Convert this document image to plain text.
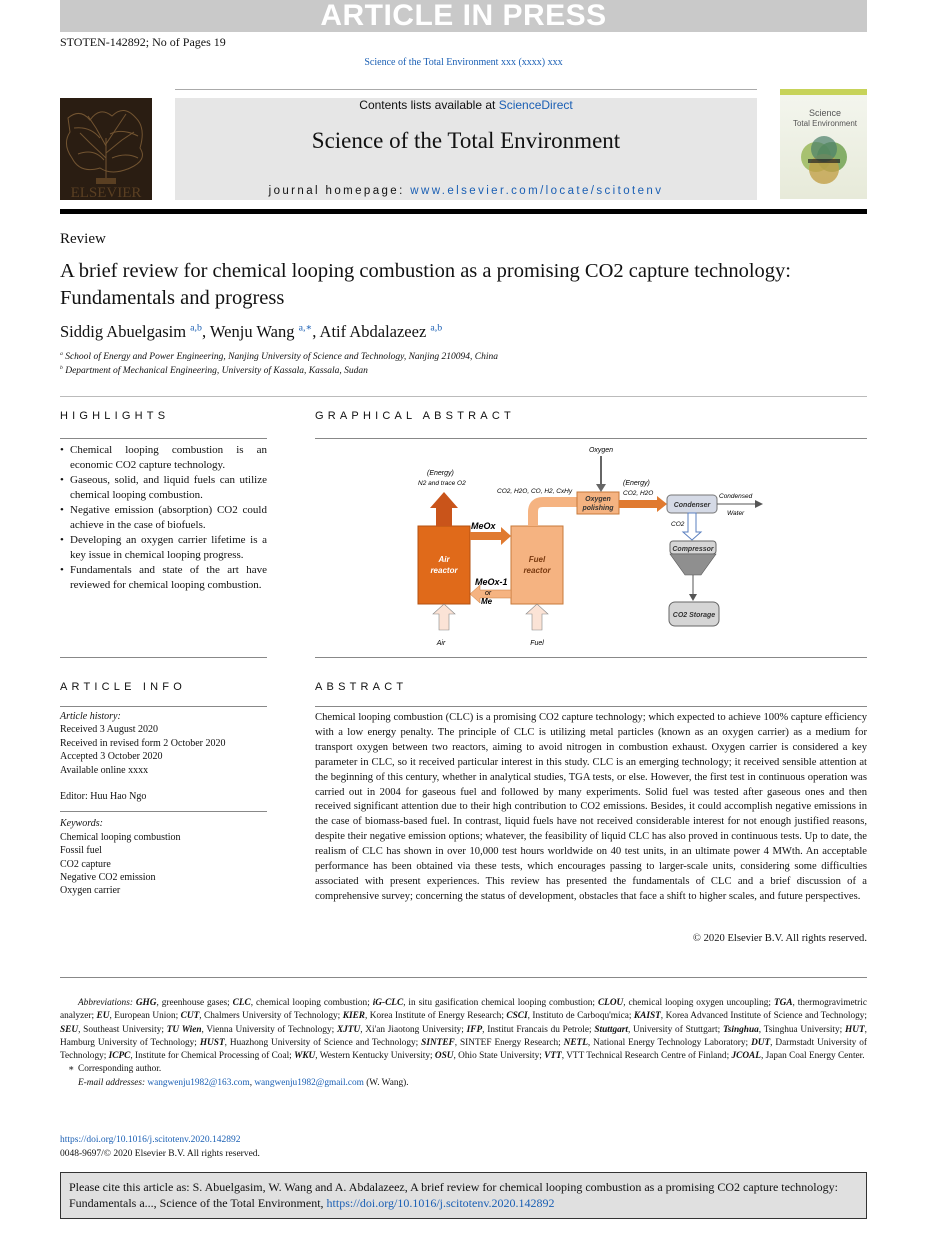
ARTICLE IN PRESS
STOTEN-142892; No of Pages 19
Science of the Total Environment xxx (xxxx) xxx
Contents lists available at ScienceDirect
Science of the Total Environment
journal homepage: www.elsevier.com/locate/scitotenv
ELSEVIER
Science
Total Environment
Review
A brief review for chemical looping combustion as a promising CO2 capture technology: Fundamentals and progress
Siddig Abuelgasim $^{a,b}$, Wenju Wang $^{a,∗}$, Atif Abdalazeez $^{a,b}$
$^a$ School of Energy and Power Engineering, Nanjing University of Science and Technology, Nanjing 210094, China
$^b$ Department of Mechanical Engineering, University of Kassala, Kassala, Sudan
HIGHLIGHTS
• Chemical looping combustion is an economic CO2 capture technology.
• Gaseous, solid, and liquid fuels can utilize chemical looping combustion.
• Negative emission (absorption) CO2 could achieve in the case of biofuels.
• Developing an oxygen carrier lifetime is a key issue in chemical looping progress.
• Fundamentals and state of the art have reviewed for chemical looping combustion.
GRAPHICAL ABSTRACT
Air
reactor
Fuel
reactor
(Energy)
N2 and trace O2
MeOx
MeOx-1
or
Me
Air	Fuel
CO2, H2O, CO, H2, CxHy
Oxygen
polishing
Oxygen
(Energy)
CO2, H2O
Condenser
Condensed
Water
CO2
Compressor
CO2 Storage
ARTICLE INFO
Article history:
Received 3 August 2020
Received in revised form 2 October 2020
Accepted 3 October 2020
Available online xxxx
Editor: Huu Hao Ngo
Keywords:
Chemical looping combustion
Fossil fuel
CO2 capture
Negative CO2 emission
Oxygen carrier
ABSTRACT
Chemical looping combustion (CLC) is a promising CO2 capture technology; which expected to achieve 100% capture efficiency with a low energy penalty. The principle of CLC is utilizing metal particles (known as an oxygen carrier) as a medium for transport oxygen between two reactors, aiming to avoid nitrogen in combustion exhaust. Oxygen carrier is considered a key parameter in CLC, so it received particular interest in this study. CLC is an emerging technology; it received sensible attention at the beginning of this century, whether in analytical studies, TGA tests, or else. However, the first test in continuous operation was carried out in 2004 for gaseous fuel and followed by many experiments. Solid fuel was tested after gaseous ones and then received significant attention due to their high contribution to CO2 emissions. Besides, it could accomplish negative emissions in the case of biomass-based fuel. In contrast, liquid fuels have not received considerable interest for not enough justified reasons, despite their negative emission options; whatever, the feasibility of liquid CLC has also proved in continuous tests. Up to date, the realism of CLC has shown in over 10,000 test hours worldwide on 40 test units, in an ultimate power 4 MWth. An acceptable performance has been obtained via these tests, which encourages passing to larger-scale units, considering some difficulties associated with present experiences. This review has presented the fundamentals of CLC and a brief discussion of a comprehensive survey; concerning the status of development, obstacles that face a shift to higher scales, and future perspectives.
© 2020 Elsevier B.V. All rights reserved.
Abbreviations: GHG, greenhouse gases; CLC, chemical looping combustion; iG-CLC, in situ gasification chemical looping combustion; CLOU, chemical looping oxygen uncoupling; TGA, thermogravimetric analyzer; EU, European Union; CUT, Chalmers University of Technology; KIER, Korea Institute of Energy Research; CSCI, Instituto de Carboqu'mica; KAIST, Korea Advanced Institute of Science and Technology; SEU, Southeast University; TU Wien, Vienna University of Technology; XJTU, Xi'an Jiaotong University; IFP, Institut Francais du Petrole; Stuttgart, University of Stuttgart; Tsinghua, Tsinghua University; HUT, Hamburg University of Technology; HUST, Huazhong University of Science and Technology; SINTEF, SINTEF Energy Research; NETL, National Energy Technology Laboratory; DUT, Darmstadt University of Technology; ICPC, Institute for Chemical Processing of Coal; WKU, Western Kentucky University; OSU, Ohio State University; VTT, VTT Technical Research Centre of Finland; JCOAL, Japan Coal Energy Center.
∗ Corresponding author.
E-mail addresses: wangwenju1982@163.com, wangwenju1982@gmail.com (W. Wang).
https://doi.org/10.1016/j.scitotenv.2020.142892
0048-9697/© 2020 Elsevier B.V. All rights reserved.
Please cite this article as: S. Abuelgasim, W. Wang and A. Abdalazeez, A brief review for chemical looping combustion as a promising CO2 capture technology: Fundamentals a..., Science of the Total Environment, https://doi.org/10.1016/j.scitotenv.2020.142892
